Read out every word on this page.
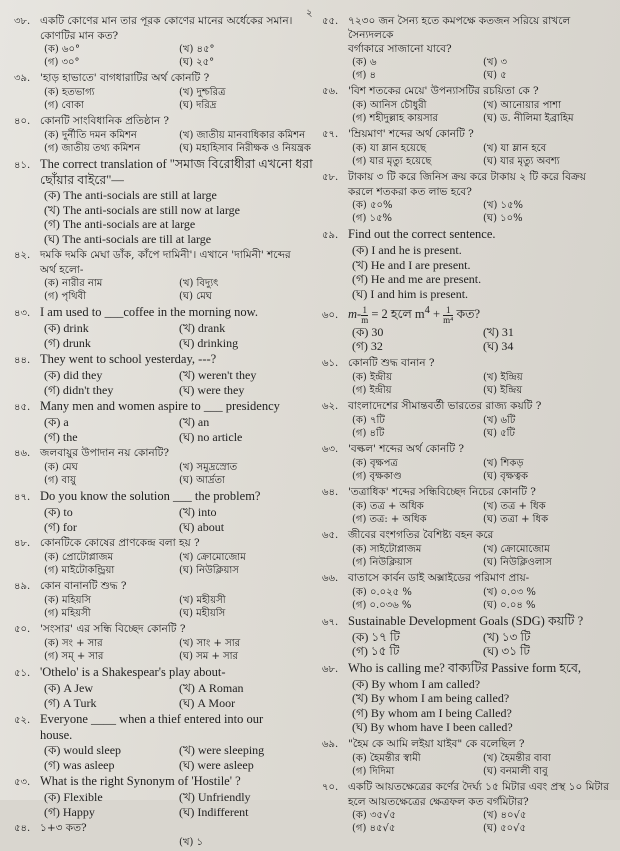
২
৩৮. একটি কোণের মান তার পূরক কোণের মানের অর্ধেকের সমান।
কোণটির মান কত?
(ক) ৬০°	(খ) ৪৫°
(গ) ৩০°	(ঘ) ২৫°
৩৯. 'হাড় হাভাতে' বাগধারাটির অর্থ কোনটি ?
(ক) হতভাগ্য	(খ) দুশ্চরিত্র
(গ) বোকা	(ঘ) দরিদ্র
৪০. কোনটি সাংবিধানিক প্রতিষ্ঠান ?
(ক) দুর্নীতি দমন কমিশন	(খ) জাতীয় মানবাধিকার কমিশন
(গ) জাতীয় তথ্য কমিশন	(ঘ) মহাহিসাব নিরীক্ষক ও নিয়ন্ত্রক
৪১. The correct translation of "সমাজ বিরোধীরা এখনো ধরা
ছোঁয়ার বাইরে"—
(ক) The anti-socials are still at large
(খ) The anti-socials are still now at large
(গ) The anti-socials are at large
(ঘ) The anti-socials are till at large
৪২. দমকি দমকি মেঘা ডাঁক, কাঁপে দামিনী'। এখানে 'দামিনী' শব্দের
অর্থ হলো-
(ক) নারীর নাম	(খ) বিদ্যুৎ
(গ) পৃথিবী	(ঘ) মেঘ
৪৩. I am used to ___coffee in the morning now.
(ক) drink	(খ) drank
(গ) drunk	(ঘ) drinking
৪৪. They went to school yesterday, ---?
(ক) did they	(খ) weren't they
(গ) didn't they	(ঘ) were they
৪৫. Many men and women aspire to ___ presidency
(ক) a	(খ) an
(গ) the	(ঘ) no article
৪৬. জলবায়ুর উপাদান নয় কোনটি?
(ক) মেঘ	(খ) সমুদ্রস্রোত
(গ) বায়ু	(ঘ) আর্দ্রতা
৪৭. Do you know the solution ___ the problem?
(ক) to	(খ) into
(গ) for	(ঘ) about
৪৮. কোনটিকে কোষের প্রাণকেন্দ্র বলা হয় ?
(ক) প্রোটোপ্লাজম	(খ) ক্রোমোজোম
(গ) মাইটোকন্ড্রিয়া	(ঘ) নিউক্লিয়াস
৪৯. কোন বানানটি শুদ্ধ ?
(ক) মহিয়সি	(খ) মহীয়সী
(গ) মহিয়সী	(ঘ) মহীয়সি
৫০. 'সংসার' এর সন্ধি বিচ্ছেদ কোনটি ?
(ক) সং + সার	(খ) সাং + সার
(গ) সম্ + সার	(ঘ) সম + সার
৫১. 'Othelo' is a Shakespear's play about-
(ক) A Jew	(খ) A Roman
(গ) A Turk	(ঘ) A Moor
৫২. Everyone ____ when a thief entered into our
house.
(ক) would sleep	(খ) were sleeping
(গ) was asleep	(ঘ) were asleep
৫৩. What is the right Synonym of 'Hostile' ?
(ক) Flexible	(খ) Unfriendly
(গ) Happy	(ঘ) Indifferent
৫৪. ১+৩ কত?
(খ) ১
৫৫. ৭২৩০ জন সৈন্য হতে কমপক্ষে কতজন সরিয়ে রাখলে সৈন্যদলকে
বর্গাকারে সাজানো যাবে?
(ক) ৬	(খ) ৩
(গ) ৪	(ঘ) ৫
৫৬. 'বিশ শতকের মেয়ে' উপন্যাসটির রচয়িতা কে ?
(ক) আনিস চৌধুরী	(খ) আনোয়ার পাশা
(গ) শহীদুল্লাহ কায়সার	(ঘ) ড. নীলিমা ইব্রাহিম
৫৭. 'ম্রিয়মাণ' শব্দের অর্থ কোনটি ?
(ক) যা ম্লান হয়েছে	(খ) যা ম্লান হবে
(গ) যার মৃত্যু হয়েছে	(ঘ) যার মৃত্যু অবশ্য
৫৮. টাকায় ৩ টি করে জিনিস ক্রয় করে টাকায় ২ টি করে বিক্রয়
করলে শতকরা কত লাভ হবে?
(ক) ৫০%	(খ) ১৫%
(গ) ১৫%	(ঘ) ১০%
৫৯. Find out the correct sentence.
(ক) I and he is present.
(খ) He and I are present.
(গ) He and me are present.
(ঘ) I and him is present.
৬০. $m- \frac{1}{m} = 2$ হলে $m^4 + \frac{1}{\text{m⁴}}$ কত?
(ক) 30	(খ) 31
(গ) 32	(ঘ) 34
৬১. কোনটি শুদ্ধ বানান ?
(ক) ইন্দ্রীয়	(খ) ইন্দ্রিয়
(গ) ইন্দ্রীয়	(ঘ) ইন্দ্রিয়
৬২. বাংলাদেশের সীমান্তবর্তী ভারতের রাজ্য কয়টি ?
(ক) ৭টি	(খ) ৬টি
(গ) ৪টি	(ঘ) ৫টি
৬৩. 'বল্কল' শব্দের অর্থ কোনটি ?
(ক) বৃক্ষপত্র	(খ) শিকড়
(গ) বৃক্ষকাণ্ড	(ঘ) বৃক্ষত্বক
৬৪. 'তত্রাধিক' শব্দের সন্ধিবিচ্ছেদ নিচের কোনটি ?
(ক) তত্র + অধিক	(খ) তত্র + ধিক
(গ) তত্র: + অধিক	(ঘ) তত্রা + ধিক
৬৫. জীবের বংশগতির বৈশিষ্ট্য বহন করে
(ক) সাইটোপ্লাজম	(খ) ক্রোমোজোম
(গ) নিউক্লিয়াস	(ঘ) নিউক্লিওলাস
৬৬. বাতাসে কার্বন ডাই অক্সাইডের পরিমাণ প্রায়-
(ক) ০.০২৫ %	(খ) ০.০৩ %
(গ) ০.০৩৬ %	(ঘ) ০.০৪ %
৬৭. Sustainable Development Goals (SDG) কয়টি ?
(ক) ১৭ টি	(খ) ১৩ টি
(গ) ১৫ টি	(ঘ) ৩১ টি
৬৮. Who is calling me? বাক্যটির Passive form হবে,
(ক) By whom I am called?
(খ) By whom I am being called?
(গ) By whom am I being Called?
(ঘ) By whom have I been called?
৬৯. "হৈম কে আমি লইয়া যাইব" কে বলেছিল ?
(ক) হৈমন্তীর স্বামী	(খ) হৈমন্তীর বাবা
(গ) দিদিমা	(ঘ) বনমালী বাবু
৭০. একটি আয়তক্ষেত্রের কর্ণের দৈর্ঘ্য ১৫ মিটার এবং প্রস্থ ১০ মিটার
হলে আয়তক্ষেত্রের ক্ষেত্রফল কত বর্গমিটার?
(ক) ৩৫√৫	(খ) ৪০√৫
(গ) ৪৫√৫	(ঘ) ৫০√৫
